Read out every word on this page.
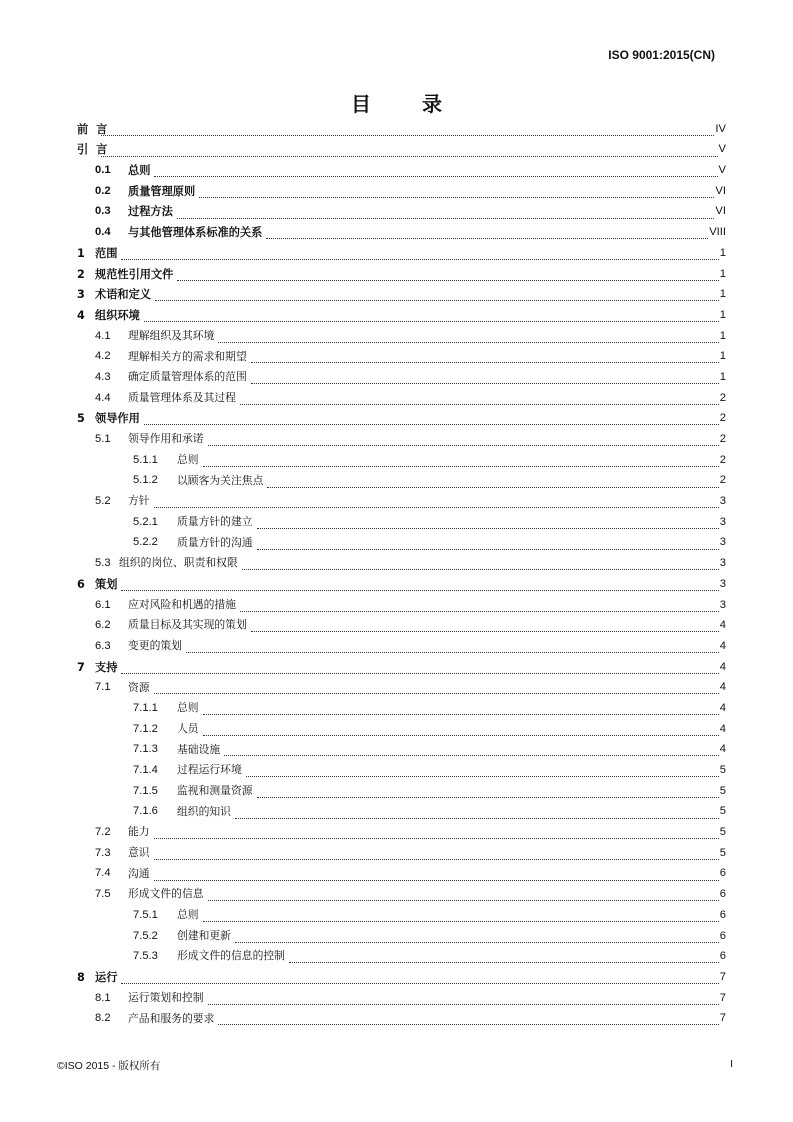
ISO 9001:2015(CN)
目 录
前 言	IV
引 言	V
0.1	总则	V
0.2	质量管理原则	VI
0.3	过程方法	VI
0.4	与其他管理体系标准的关系	VIII
1 范围	1
2 规范性引用文件	1
3 术语和定义	1
4 组织环境	1
4.1	理解组织及其环境	1
4.2	理解相关方的需求和期望	1
4.3	确定质量管理体系的范围	1
4.4	质量管理体系及其过程	2
5 领导作用	2
5.1	领导作用和承诺	2
5.1.1	总则	2
5.1.2	以顾客为关注焦点	2
5.2	方针	3
5.2.1	质量方针的建立	3
5.2.2	质量方针的沟通	3
5.3 组织的岗位、职责和权限	3
6 策划	3
6.1	应对风险和机遇的措施	3
6.2	质量目标及其实现的策划	4
6.3	变更的策划	4
7 支持	4
7.1	资源	4
7.1.1	总则	4
7.1.2	人员	4
7.1.3	基础设施	4
7.1.4	过程运行环境	5
7.1.5	监视和测量资源	5
7.1.6	组织的知识	5
7.2	能力	5
7.3	意识	5
7.4	沟通	6
7.5	形成文件的信息	6
7.5.1	总则	6
7.5.2	创建和更新	6
7.5.3	形成文件的信息的控制	6
8 运行	7
8.1	运行策划和控制	7
8.2	产品和服务的要求	7
©ISO 2015 - 版权所有	I
